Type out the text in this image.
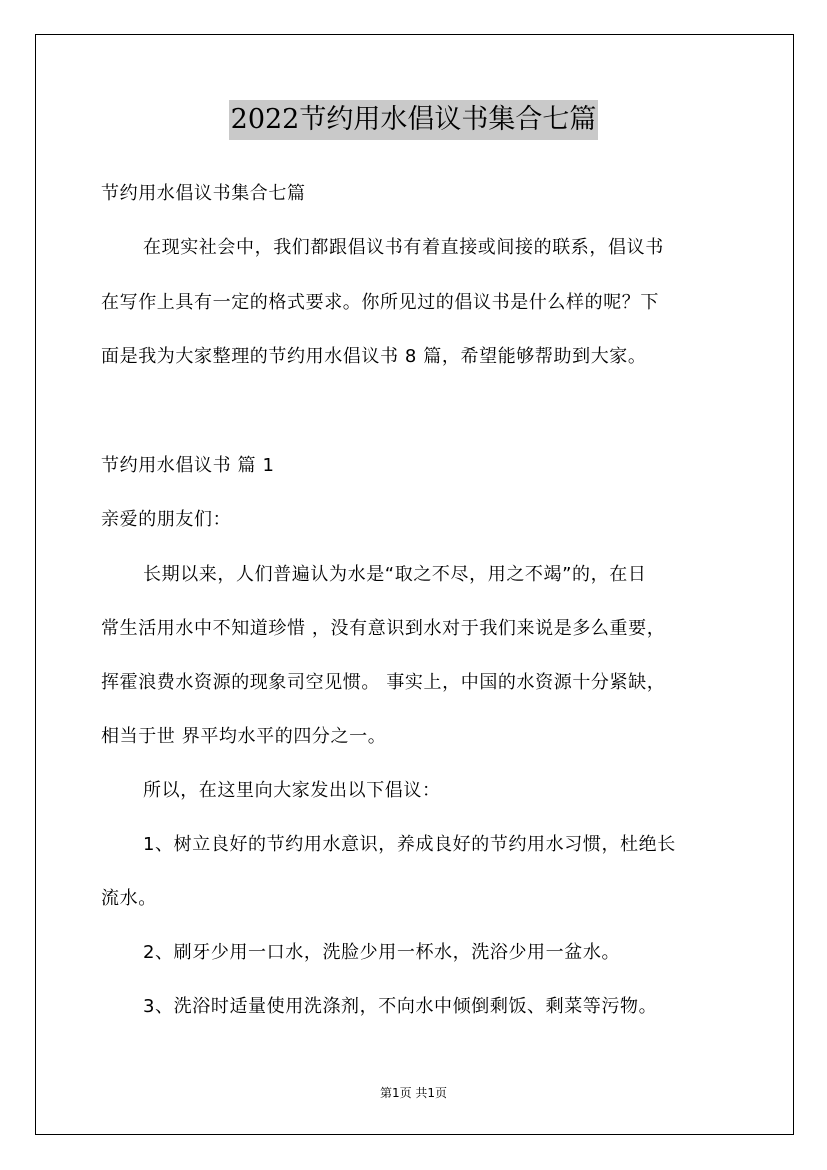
2022节约用水倡议书集合七篇
节约用水倡议书集合七篇
在现实社会中，我们都跟倡议书有着直接或间接的联系，倡议书
在写作上具有一定的格式要求。你所见过的倡议书是什么样的呢？下
面是我为大家整理的节约用水倡议书 8 篇，希望能够帮助到大家。
节约用水倡议书 篇 1
亲爱的朋友们：
长期以来，人们普遍认为水是“取之不尽，用之不竭”的，在日
常生活用水中不知道珍惜 ，没有意识到水对于我们来说是多么重要，
挥霍浪费水资源的现象司空见惯。 事实上，中国的水资源十分紧缺，
相当于世 界平均水平的四分之一。
所以，在这里向大家发出以下倡议：
1、树立良好的节约用水意识，养成良好的节约用水习惯，杜绝长
流水。
2、刷牙少用一口水，洗脸少用一杯水，洗浴少用一盆水。
3、洗浴时适量使用洗涤剂，不向水中倾倒剩饭、剩菜等污物。
第1页 共1页
